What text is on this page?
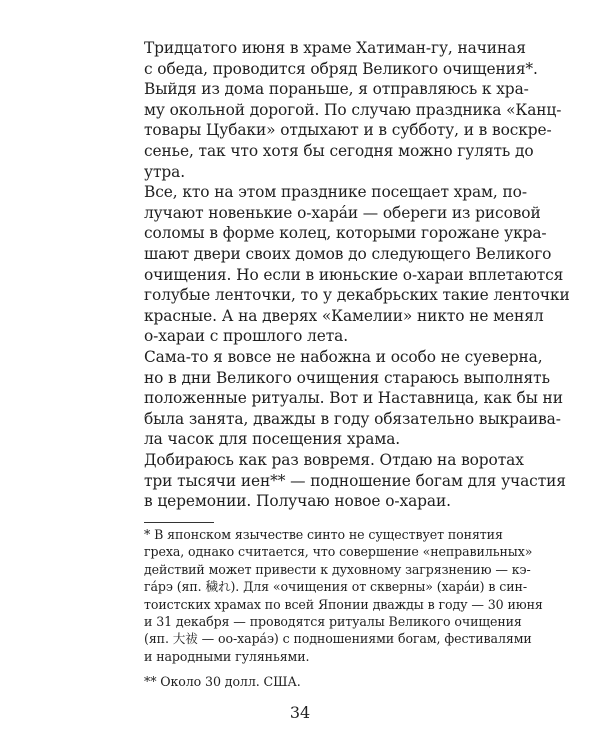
Тридцатого июня в храме Хатиман-гу, начиная
с обеда, проводится обряд Великого очищения*.
Выйдя из дома пораньше, я отправляюсь к хра-
му окольной дорогой. По случаю праздника «Канц-
товары Цубаки» отдыхают и в субботу, и в воскре-
сенье, так что хотя бы сегодня можно гулять до
утра.
Все, кто на этом празднике посещает храм, по-
лучают новенькие о-хара́и — обереги из рисовой
соломы в форме колец, которыми горожане укра-
шают двери своих домов до следующего Великого
очищения. Но если в июньские о-хараи вплетаются
голубые ленточки, то у декабрьских такие ленточки
красные. А на дверях «Камелии» никто не менял
о-хараи с прошлого лета.
Сама-то я вовсе не набожна и особо не суеверна,
но в дни Великого очищения стараюсь выполнять
положенные ритуалы. Вот и Наставница, как бы ни
была занята, дважды в году обязательно выкраива-
ла часок для посещения храма.
Добираюсь как раз вовремя. Отдаю на воротах
три тысячи иен** — подношение богам для участия
в церемонии. Получаю новое о-хараи.
* В японском язычестве синто не существует понятия
греха, однако считается, что совершение «неправильных»
действий может привести к духовному загрязнению — кэ-
га́рэ (яп. 穢れ). Для «очищения от скверны» (хара́и) в син-
тоистских храмах по всей Японии дважды в году — 30 июня
и 31 декабря — проводятся ритуалы Великого очищения
(яп. 大祓 — оо-хара́э) с подношениями богам, фестивалями
и народными гуляньями.
** Около 30 долл. США.
34
